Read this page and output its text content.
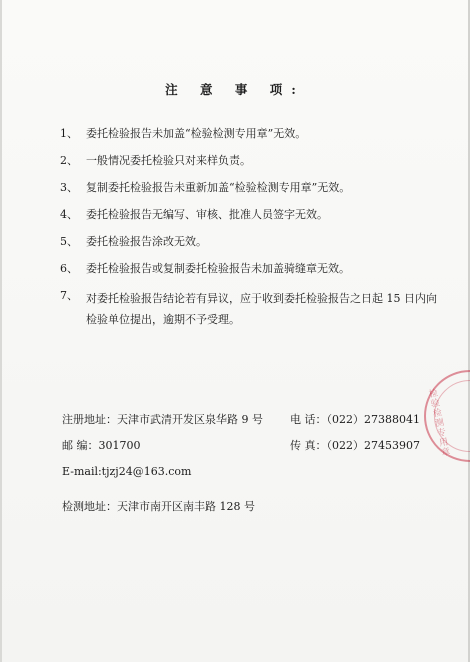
注 意 事 项:
1、 委托检验报告未加盖“检验检测专用章”无效。
2、 一般情况委托检验只对来样负责。
3、 复制委托检验报告未重新加盖“检验检测专用章”无效。
4、 委托检验报告无编写、审核、批准人员签字无效。
5、 委托检验报告涂改无效。
6、 委托检验报告或复制委托检验报告未加盖骑缝章无效。
7、 对委托检验报告结论若有异议，应于收到委托检验报告之日起 15 日内向检验单位提出，逾期不予受理。
注册地址：天津市武清开发区泉华路 9 号 电 话：（022）27388041
邮 编：301700	传 真：（022）27453907
E-mail:tjzj24@163.com
检测地址：天津市南开区南丰路 128 号
检验检测专用章
